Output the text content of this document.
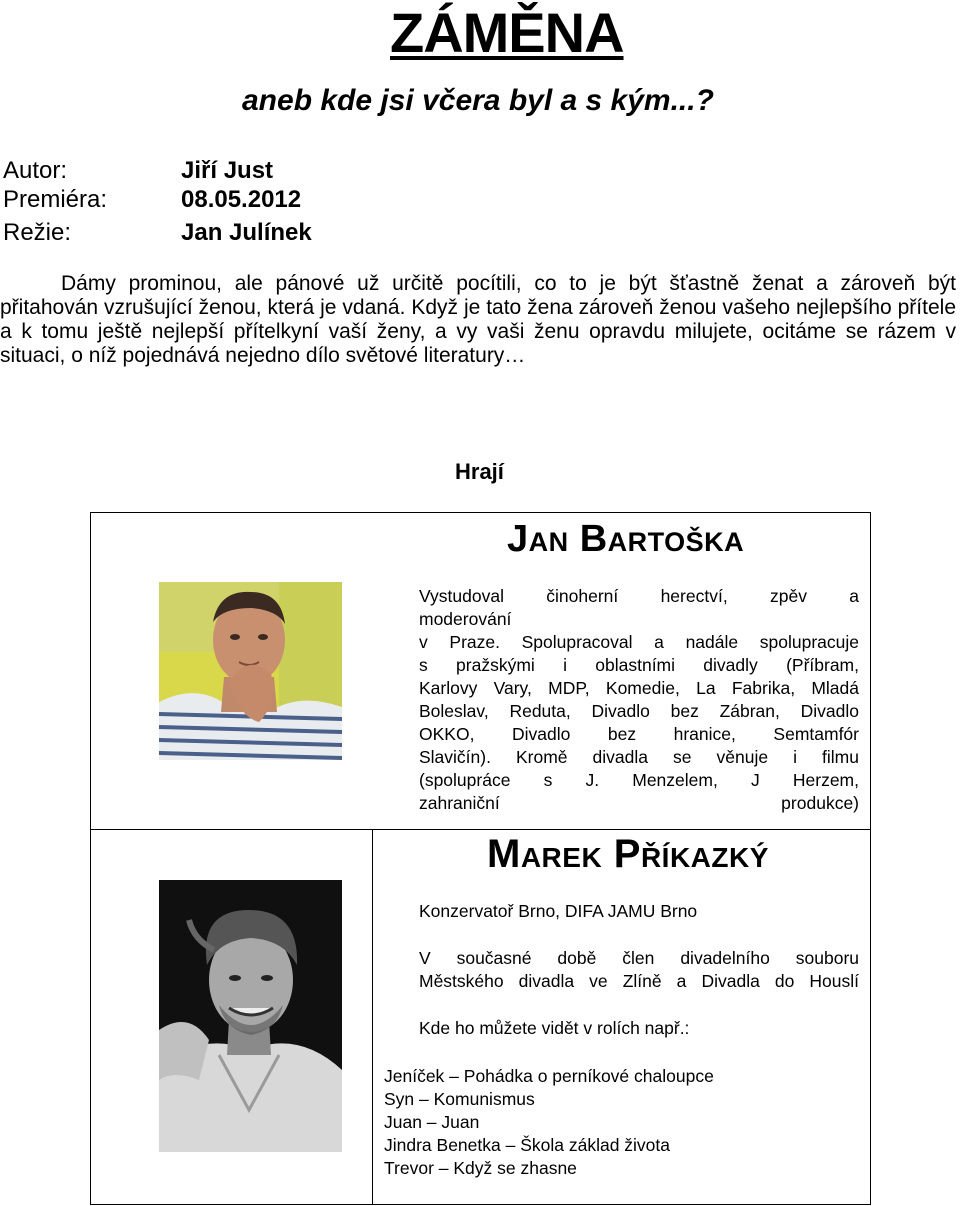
ZÁMĚNA
aneb kde jsi včera byl a s kým...?
Autor:	Jiří Just
Premiéra:	08.05.2012
Režie:	Jan Julínek

Dámy prominou, ale pánové už určitě pocítili, co to je být šťastně ženat a zároveň být přitahován vzrušující ženou, která je vdaná. Když je tato žena zároveň ženou vašeho nejlepšího přítele a k tomu ještě nejlepší přítelkyní vaší ženy, a vy vaši ženu opravdu milujete, ocitáme se rázem v situaci, o níž pojednává nejedno dílo světové literatury…

Hrají
Jan Bartoška
Vystudoval činoherní herectví, zpěv a
moderování
v Praze. Spolupracoval a nadále spolupracuje
s pražskými i oblastními divadly (Příbram,
Karlovy Vary, MDP, Komedie, La Fabrika, Mladá
Boleslav, Reduta, Divadlo bez Zábran, Divadlo
OKKO, Divadlo bez hranice, Semtamfór
Slavičín). Kromě divadla se věnuje i filmu
(spolupráce s J. Menzelem, J Herzem,
zahraniční produkce)
Marek Příkazký
Konzervatoř Brno, DIFA JAMU Brno
V současné době člen divadelního souboru
Městského divadla ve Zlíně a Divadla do Houslí
Kde ho můžete vidět v rolích např.:
Jeníček – Pohádka o perníkové chaloupce
Syn – Komunismus
Juan – Juan
Jindra Benetka – Škola základ života
Trevor – Když se zhasne
